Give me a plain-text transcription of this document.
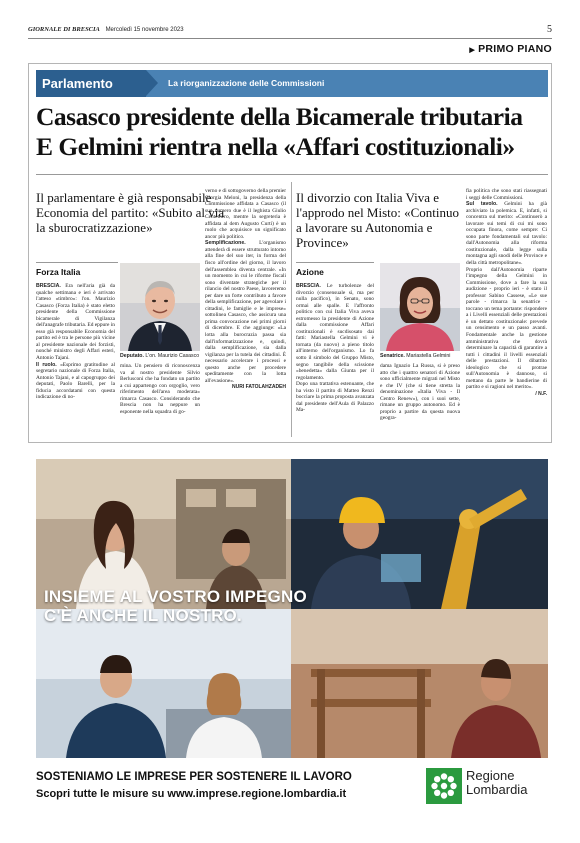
GIORNALE DI BRESCIA Mercoledì 15 novembre 2023	5
▶ PRIMO PIANO
Parlamento	La riorganizzazione delle Commissioni
Casasco presidente della Bicamerale tributaria
E Gelmini rientra nella «Affari costituzionali»
Il parlamentare è già responsabile Economia del partito: «Subito al via la sburocratizzazione»
Forza Italia
BRESCIA. Era nell'aria già da qualche settimana e ieri è arrivato l'atteso «timbro»: l'on. Maurizio Casasco (Forza Italia) è stato eletto presidente della Commissione bicamerale di Vigilanza dell'anagrafe tributaria. Ed eppure in esso già responsabile Economia del partito ed è tra le persone più vicine al presidente nazionale dei forzisti, nonché ministro degli Affari esteri, Antonio Tajani.
Il ruolo. «Esprimo gratitudine al segretario nazionale di Forza Italia, Antonio Tajani, e al capogruppo dei deputati, Paolo Barelli, per la fiducia accordatami con questa indicazione di no-
Deputato. L'on. Maurizio Casasco
mina. Un pensiero di riconoscenza va al nostro presidente Silvio Berlusconi che ha fondato un partito a cui appartengo con orgoglio, vero riferimento dell'area moderata» rimarca Casasco. Considerando che Brescia non ha neppure un esponente nella squadra di go-
verno e di sottogoverno della premier Giorgia Meloni, la presidenza della Commissione affidata a Casasco (il suo numero due è il leghista Giulio Centemero, mentre la segreteria è affidata al dem Augusto Curti) è un ruolo che acquisisce un significato ancor più politico.
Semplificazione. L'organismo attenderà di essere strutturato intorno alla fine del suo iter, in forma del fisco all'ordine del giorno, il lavoro dell'assemblea diventa centrale. «In un momento in cui le riforme fiscali sono diventate strategiche per il rilancio del nostro Paese, lavoreremo per dare un forte contributo a favore della semplificazione, per agevolare i cittadini, le famiglie e le imprese» sottolinea Casasco, che assicura una prima convocazione nei primi giorni di dicembre. E che aggiunge: «La lotta alla burocrazia passa sia dall'informatizzazione e, quindi, dalla semplificazione, sia dalla vigilanza per la tutela dei cittadini. È necessario accelerare i processi e questo anche per procedere speditamente con la lotta all'evasione».
NURI FATOLAHZADEH
Il divorzio con Italia Viva e l'approdo nel Misto: «Continuo a lavorare su Autonomia e Province»
Azione
BRESCIA. Le turbolenze del divorzio (consensuale sì, ma per nulla pacifico), in Senato, sono ormai alle spalle. E l'affronto politico con cui Italia Viva aveva estromesso la presidente di Azione dalla commissione Affari costituzionali è sucdisosato dai fatti: Mariastella Gelmini vi è tornata (da nuovo) a pieno titolo all'interno dell'organismo. Lo fa sotto il simbolo del Gruppo Misto, segno tangibile della scissione «benedetta» dalla Giunta per il regolamento.
Dopo una trattativa estenuante, che ha visto il partito di Matteo Renzi bocciare la prima proposta avanzata dal presidente dell'Aula di Palazzo Ma-
Senatrice. Mariastella Gelmini
dama Ignazio La Russa, si è preso atto che i quattro senatori di Azione sono ufficialmente migrati nel Misto e che IV (che si tiene stretta la denominazione «Italia Viva - Il Centro Renew»), con i suoi sette, rimane un gruppo autonomo. Ed è proprio a partire da questa nuova geogra-
fia politica che sono stati riassegnati i seggi delle Commissioni.
Sul tavolo. Gelmini ha già archiviato la polemica. E, infatti, si concentra sul merito: «Continuerò a lavorare sui temi di cui mi sono occupata finora, come sempre: Ci sono parte fondamentali sul tavolo: dall'Autonomia alla riforma costituzionale, dalla legge sulla montagna agli snodi delle Province e della città metropolitane».
Proprio dall'Autonomia riparte l'impegno della Gelmini in Commissione, dove a fare la sua audizione - proprio ieri - è stato il professor Sabino Cassese, «Le sue parole - rimarca la senatrice - toccano un tema portante: rispondere a i Livelli essenziali delle prestazioni è un dettato costituzionale: prevede un censimento e un passo avanti. Fondamentale anche la gestione amministrativa che dovrà determinare la capacità di garantire a tutti i cittadini il livelli essenziali delle prestazioni. Il dibattito ideologico che si protrae sull'Autonomia è dannoso, si mettano da parte le bandierine di partito e si ragioni nel merito».
/ N.F.
INSIEME AL VOSTRO IMPEGNO
C'È ANCHE IL NOSTRO.
SOSTENIAMO LE IMPRESE PER SOSTENERE IL LAVORO
Scopri tutte le misure su www.imprese.regione.lombardia.it
Regione
Lombardia
